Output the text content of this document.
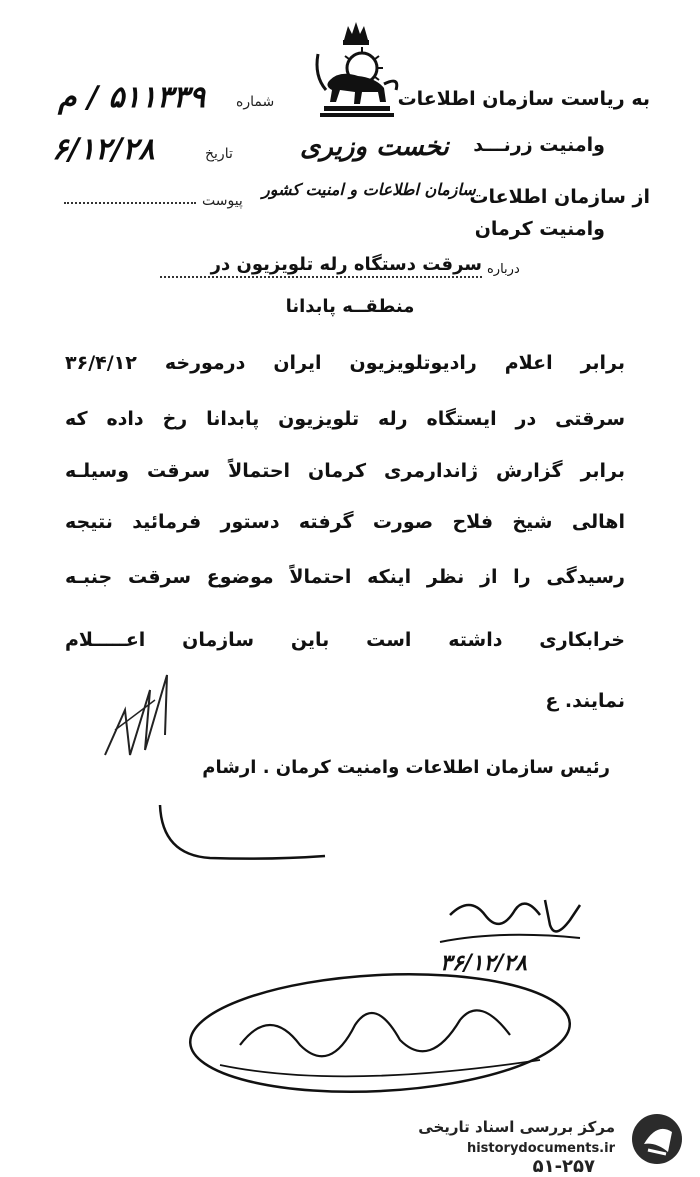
به ریاست سازمان اطلاعات
وامنیت زرنـــد
نخست وزیری
از سازمان اطلاعات
سازمان اطلاعات و امنیت کشور
وامنیت کرمان
شماره
۵۱۱۳۳۹ / م
تاریخ
۶/۱۲/۲۸
پیوست
درباره
سرقت دستگاه رله تلویزیون در
منطقــه پابدانا
برابر اعلام رادیوتلویزیون ایران درمورخه ۳۶/۴/۱۲
سرقتی در ایستگاه رله تلویزیون پابدانا رخ داده که
برابر گزارش ژاندارمری کرمان احتمالاً سرقت وسیلـه
اهالی شیخ فلاح صورت گرفته دستور فرمائید نتیجه
رسیدگی را از نظر اینکه احتمالاً موضوع سرقت جنبـه
خرابکاری داشته است باین سازمان اعـــــلام
نمایند. ع
رئیس سازمان اطلاعات وامنیت کرمان . ارشام
۳۶/۱۲/۲۸
مرکز بررسی اسناد تاریخی
historydocuments.ir
۵۱-۲۵۷
